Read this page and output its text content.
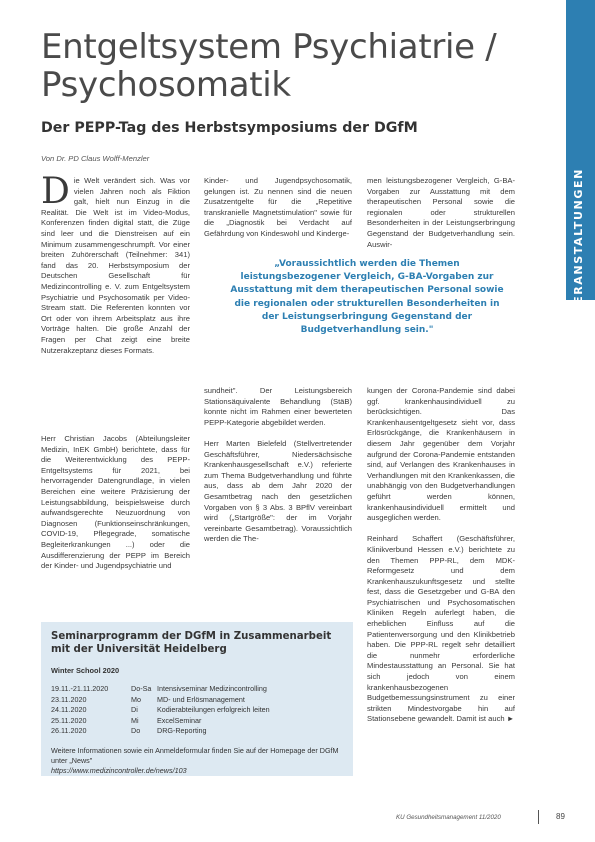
Entgeltsystem Psychiatrie /
Psychosomatik
Der PEPP-Tag des Herbstsymposiums der DGfM
Von Dr. PD Claus Wolff-Menzler
VERANSTALTUNGEN

Die Welt verändert sich. Was vor vielen Jahren noch als Fiktion galt, hielt nun Einzug in die Realität. Die Welt ist im Video-Modus, Konferenzen finden digital statt, die Züge sind leer und die Dienstreisen auf ein Minimum zusammengeschrumpft. Vor einer breiten Zuhörerschaft (Teilnehmer: 341) fand das 20. Herbstsymposium der Deutschen Gesellschaft für Medizincontrolling e. V. zum Entgeltsystem Psychiatrie und Psychosomatik per Video-Stream statt. Die Referenten konnten vor Ort oder von ihrem Arbeitsplatz aus ihre Vorträge halten. Die große Anzahl der Fragen per Chat zeigt eine breite Nutzerakzeptanz dieses Formats.

Herr Christian Jacobs (Abteilungsleiter Medizin, InEK GmbH) berichtete, dass für die Weiterentwicklung des PEPP-Entgeltsystems für 2021, bei hervorragender Datengrundlage, in vielen Bereichen eine weitere Präzisierung der Leistungsabbildung, beispielsweise durch aufwandsgerechte Neuzuordnung von Diagnosen (Funktionseinschränkungen, COVID-19, Pflegegrade, somatische Begleiterkrankungen ...) oder die Ausdifferenzierung der PEPP im Bereich der Kinder- und Jugendpsychiatrie und

Kinder- und Jugendpsychosomatik, gelungen ist. Zu nennen sind die neuen Zusatzentgelte für die „Repetitive transkranielle Magnetstimulation" sowie für die „Diagnostik bei Verdacht auf Gefährdung von Kindeswohl und Kinderge-

sundheit". Der Leistungsbereich Stationsäquivalente Behandlung (StäB) konnte nicht im Rahmen einer bewerteten PEPP-Kategorie abgebildet werden.

Herr Marten Bielefeld (Stellvertretender Geschäftsführer, Niedersächsische Krankenhausgesellschaft e.V.) referierte zum Thema Budgetverhandlung und führte aus, dass ab dem Jahr 2020 der Gesamtbetrag nach den gesetzlichen Vorgaben von § 3 Abs. 3 BPflV vereinbart wird („Startgröße": der im Vorjahr vereinbarte Gesamtbetrag). Voraussichtlich werden die The-

men leistungsbezogener Vergleich, G-BA-Vorgaben zur Ausstattung mit dem therapeutischen Personal sowie die regionalen oder strukturellen Besonderheiten in der Leistungserbringung Gegenstand der Budgetverhandlung sein. Auswir-

kungen der Corona-Pandemie sind dabei ggf. krankenhausindividuell zu berücksichtigen. Das Krankenhausentgeltgesetz sieht vor, dass Erlösrückgänge, die Krankenhäusern in diesem Jahr gegenüber dem Vorjahr aufgrund der Corona-Pandemie entstanden sind, auf Verlangen des Krankenhauses in Verhandlungen mit den Krankenkassen, die unabhängig von den Budgetverhandlungen geführt werden können, krankenhausindividuell ermittelt und ausgeglichen werden.

Reinhard Schaffert (Geschäftsführer, Klinikverbund Hessen e.V.) berichtete zu den Themen PPP-RL, dem MDK-Reformgesetz und dem Krankenhauszukunftsgesetz und stellte fest, dass die Gesetzgeber und G-BA den Psychiatrischen und Psychosomatischen Kliniken Regeln auferlegt haben, die erheblichen Einfluss auf die Patientenversorgung und den Klinikbetrieb haben. Die PPP-RL regelt sehr detailliert die nunmehr erforderliche Mindestausstattung an Personal. Sie hat sich jedoch von einem krankenhausbezogenen Budgetbemessungsinstrument zu einer strikten Mindestvorgabe hin auf Stationsebene gewandelt. Damit ist auch ►

„Voraussichtlich werden die Themen leistungsbezogener Vergleich, G-BA-Vorgaben zur Ausstattung mit dem therapeutischen Personal sowie die regionalen oder strukturellen Besonderheiten in der Leistungserbringung Gegenstand der Budgetverhandlung sein."
Seminarprogramm der DGfM in Zusammenarbeit mit der Universität Heidelberg
Winter School 2020
19.11.-21.11.2020	Do-Sa Intensivseminar Medizincontrolling
23.11.2020	Mo	MD- und Erlösmanagement
24.11.2020	Di	Kodierabteilungen erfolgreich leiten
25.11.2020	Mi	ExcelSeminar
26.11.2020	Do	DRG-Reporting
Weitere Informationen sowie ein Anmeldeformular finden Sie auf der Homepage der DGfM unter „News"
https://www.medizincontroller.de/news/103
KU Gesundheitsmanagement 11/2020	89
